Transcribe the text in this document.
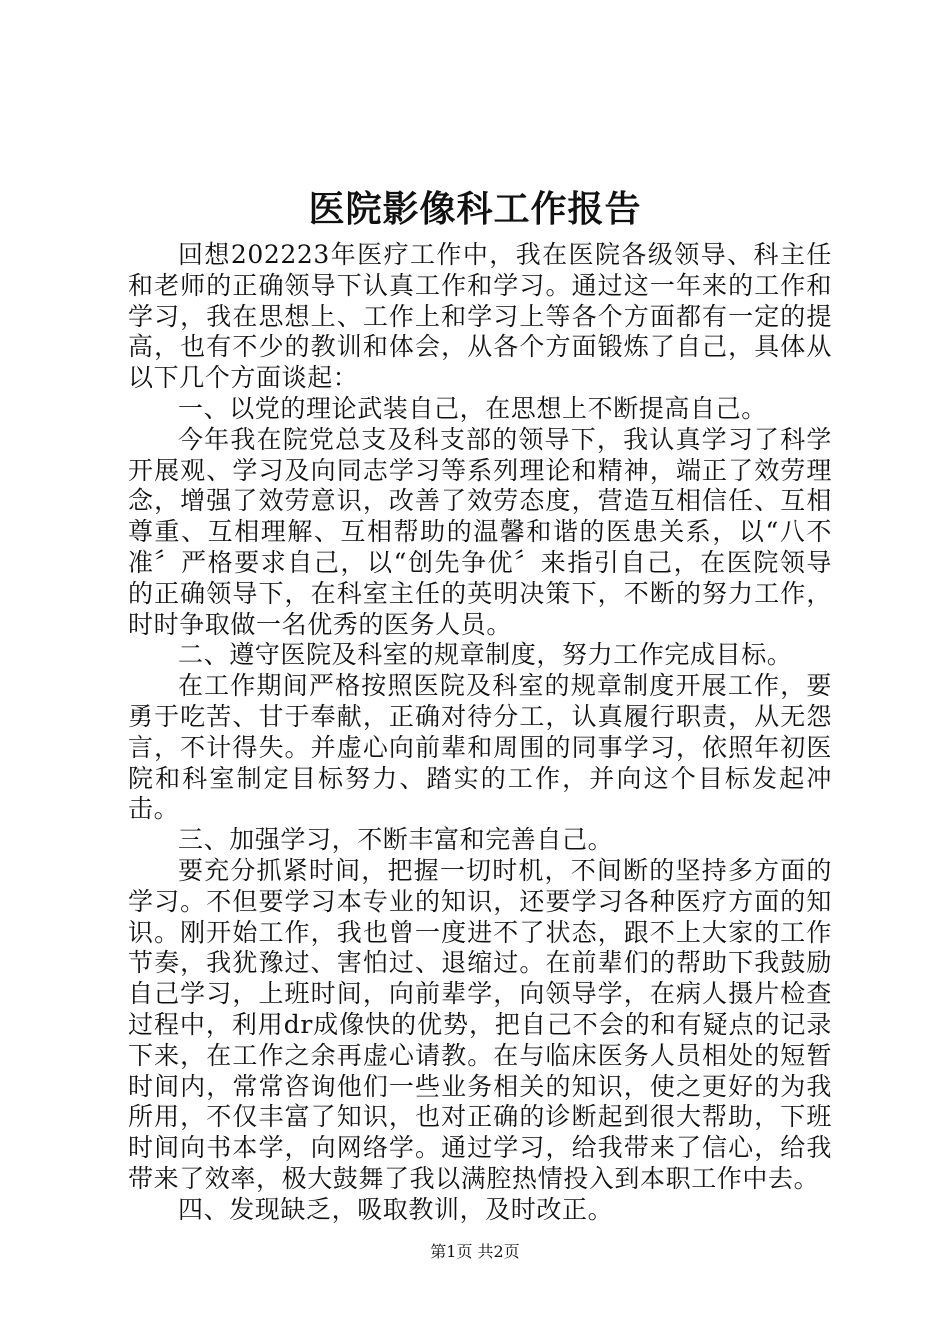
医院影像科工作报告

回想202223年医疗工作中，我在医院各级领导、科主任和老师的正确领导下认真工作和学习。通过这一年来的工作和学习，我在思想上、工作上和学习上等各个方面都有一定的提高，也有不少的教训和体会，从各个方面锻炼了自己，具体从以下几个方面谈起：

一、以党的理论武装自己，在思想上不断提高自己。

今年我在院党总支及科支部的领导下，我认真学习了科学开展观、学习及向同志学习等系列理论和精神，端正了效劳理念，增强了效劳意识，改善了效劳态度，营造互相信任、互相尊重、互相理解、互相帮助的温馨和谐的医患关系，以“八不准〞严格要求自己，以“创先争优〞来指引自己，在医院领导的正确领导下，在科室主任的英明决策下，不断的努力工作，时时争取做一名优秀的医务人员。

二、遵守医院及科室的规章制度，努力工作完成目标。

在工作期间严格按照医院及科室的规章制度开展工作，要勇于吃苦、甘于奉献，正确对待分工，认真履行职责，从无怨言，不计得失。并虚心向前辈和周围的同事学习，依照年初医院和科室制定目标努力、踏实的工作，并向这个目标发起冲击。

三、加强学习，不断丰富和完善自己。

要充分抓紧时间，把握一切时机，不间断的坚持多方面的学习。不但要学习本专业的知识，还要学习各种医疗方面的知识。刚开始工作，我也曾一度进不了状态，跟不上大家的工作节奏，我犹豫过、害怕过、退缩过。在前辈们的帮助下我鼓励自己学习，上班时间，向前辈学，向领导学，在病人摄片检查过程中，利用dr成像快的优势，把自己不会的和有疑点的记录下来，在工作之余再虚心请教。在与临床医务人员相处的短暂时间内，常常咨询他们一些业务相关的知识，使之更好的为我所用，不仅丰富了知识，也对正确的诊断起到很大帮助，下班时间向书本学，向网络学。通过学习，给我带来了信心，给我带来了效率，极大鼓舞了我以满腔热情投入到本职工作中去。

四、发现缺乏，吸取教训，及时改正。

第1页 共2页
